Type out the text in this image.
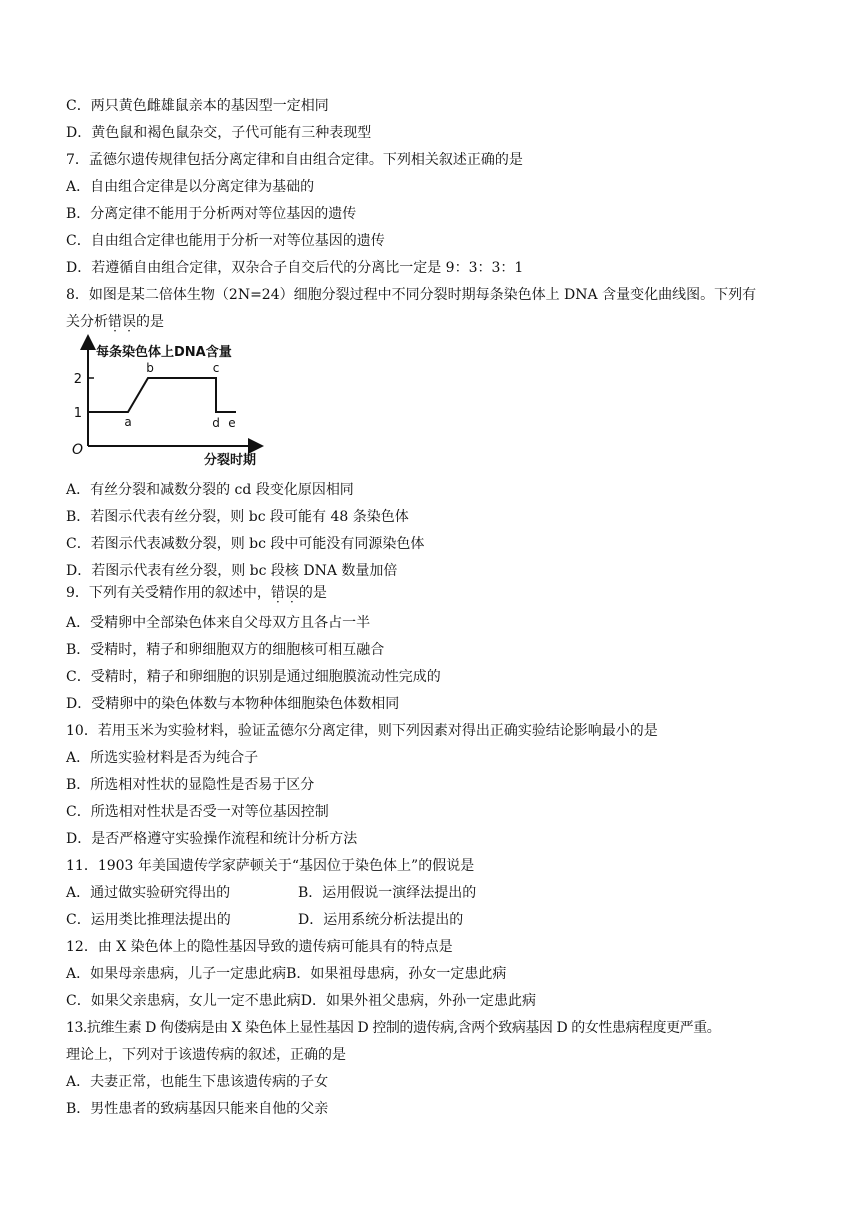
C．两只黄色雌雄鼠亲本的基因型一定相同
D．黄色鼠和褐色鼠杂交，子代可能有三种表现型
7．孟德尔遗传规律包括分离定律和自由组合定律。下列相关叙述正确的是
A．自由组合定律是以分离定律为基础的
B．分离定律不能用于分析两对等位基因的遗传
C．自由组合定律也能用于分析一对等位基因的遗传
D．若遵循自由组合定律，双杂合子自交后代的分离比一定是 9：3：3：1
8．如图是某二倍体生物（2N=24）细胞分裂过程中不同分裂时期每条染色体上 DNA 含量变化曲线图。下列有
关分析错误的是
每条染色体上DNA含量
分裂时期
O
1
2
a
b	c
d e
A．有丝分裂和减数分裂的 cd 段变化原因相同
B．若图示代表有丝分裂，则 bc 段可能有 48 条染色体
C．若图示代表减数分裂，则 bc 段中可能没有同源染色体
D．若图示代表有丝分裂，则 bc 段核 DNA 数量加倍
9．下列有关受精作用的叙述中，错误的是
A．受精卵中全部染色体来自父母双方且各占一半
B．受精时，精子和卵细胞双方的细胞核可相互融合
C．受精时，精子和卵细胞的识别是通过细胞膜流动性完成的
D．受精卵中的染色体数与本物种体细胞染色体数相同
10．若用玉米为实验材料，验证孟德尔分离定律，则下列因素对得出正确实验结论影响最小的是
A．所选实验材料是否为纯合子
B．所选相对性状的显隐性是否易于区分
C．所选相对性状是否受一对等位基因控制
D．是否严格遵守实验操作流程和统计分析方法
11．1903 年美国遗传学家萨顿关于“基因位于染色体上”的假说是
A．通过做实验研究得出的	B．运用假说一演绎法提出的
C．运用类比推理法提出的	D．运用系统分析法提出的
12．由 X 染色体上的隐性基因导致的遗传病可能具有的特点是
A．如果母亲患病，儿子一定患此病B．如果祖母患病，孙女一定患此病
C．如果父亲患病，女儿一定不患此病D．如果外祖父患病，外孙一定患此病
13.抗维生素 D 佝偻病是由 X 染色体上显性基因 D 控制的遗传病,含两个致病基因 D 的女性患病程度更严重。
理论上，下列对于该遗传病的叙述，正确的是
A．夫妻正常，也能生下患该遗传病的子女
B．男性患者的致病基因只能来自他的父亲
